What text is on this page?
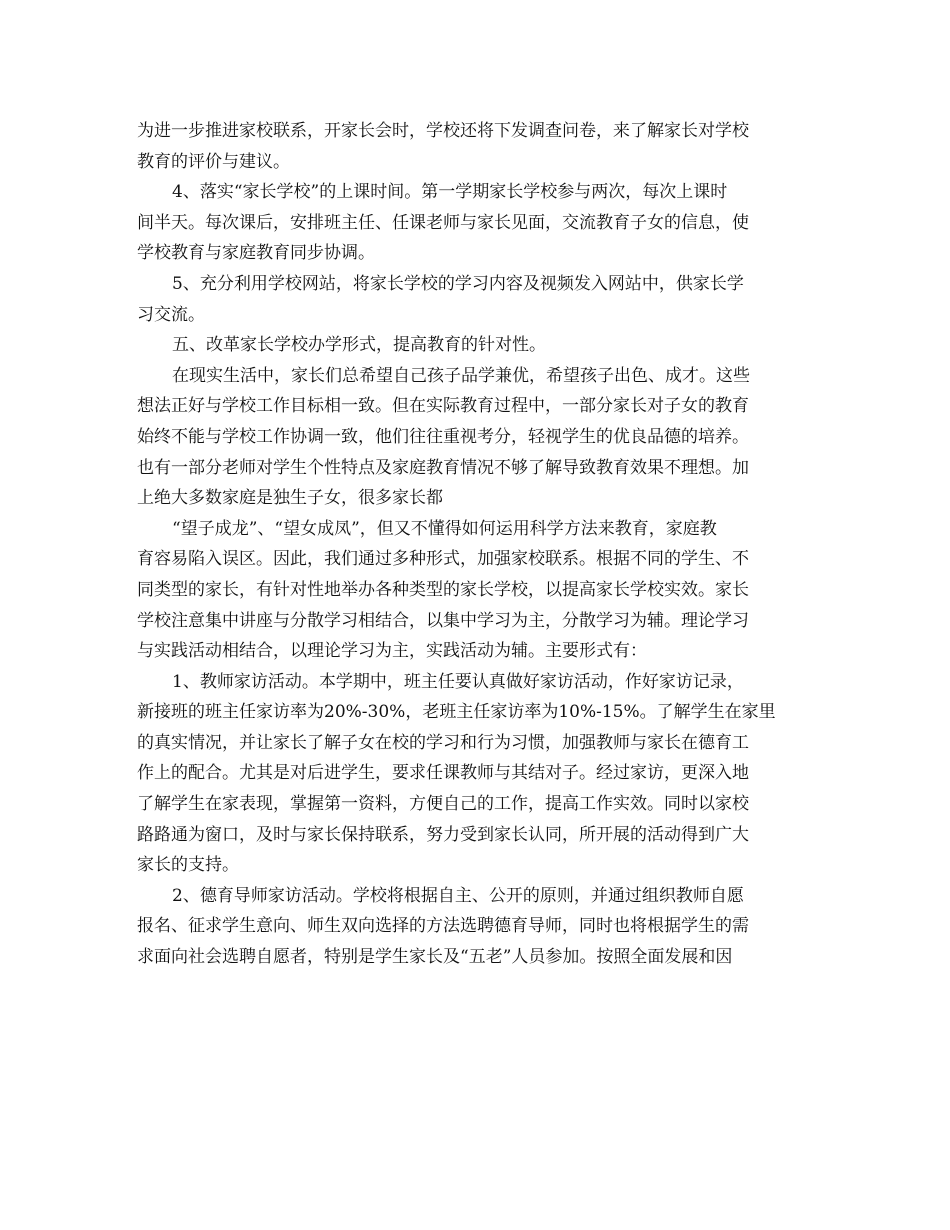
为进一步推进家校联系，开家长会时，学校还将下发调查问卷，来了解家长对学校
教育的评价与建议。
4、落实“家长学校”的上课时间。第一学期家长学校参与两次，每次上课时
间半天。每次课后，安排班主任、任课老师与家长见面，交流教育子女的信息，使
学校教育与家庭教育同步协调。
5、充分利用学校网站，将家长学校的学习内容及视频发入网站中，供家长学
习交流。
五、改革家长学校办学形式，提高教育的针对性。
在现实生活中，家长们总希望自己孩子品学兼优，希望孩子出色、成才。这些
想法正好与学校工作目标相一致。但在实际教育过程中，一部分家长对子女的教育
始终不能与学校工作协调一致，他们往往重视考分，轻视学生的优良品德的培养。
也有一部分老师对学生个性特点及家庭教育情况不够了解导致教育效果不理想。加
上绝大多数家庭是独生子女，很多家长都
“望子成龙”、“望女成凤”，但又不懂得如何运用科学方法来教育，家庭教
育容易陷入误区。因此，我们通过多种形式，加强家校联系。根据不同的学生、不
同类型的家长，有针对性地举办各种类型的家长学校，以提高家长学校实效。家长
学校注意集中讲座与分散学习相结合，以集中学习为主，分散学习为辅。理论学习
与实践活动相结合，以理论学习为主，实践活动为辅。主要形式有：
1、教师家访活动。本学期中，班主任要认真做好家访活动，作好家访记录，
新接班的班主任家访率为20%-30%，老班主任家访率为10%-15%。了解学生在家里
的真实情况，并让家长了解子女在校的学习和行为习惯，加强教师与家长在德育工
作上的配合。尤其是对后进学生，要求任课教师与其结对子。经过家访，更深入地
了解学生在家表现，掌握第一资料，方便自己的工作，提高工作实效。同时以家校
路路通为窗口，及时与家长保持联系，努力受到家长认同，所开展的活动得到广大
家长的支持。
2、德育导师家访活动。学校将根据自主、公开的原则，并通过组织教师自愿
报名、征求学生意向、师生双向选择的方法选聘德育导师，同时也将根据学生的需
求面向社会选聘自愿者，特别是学生家长及“五老”人员参加。按照全面发展和因
